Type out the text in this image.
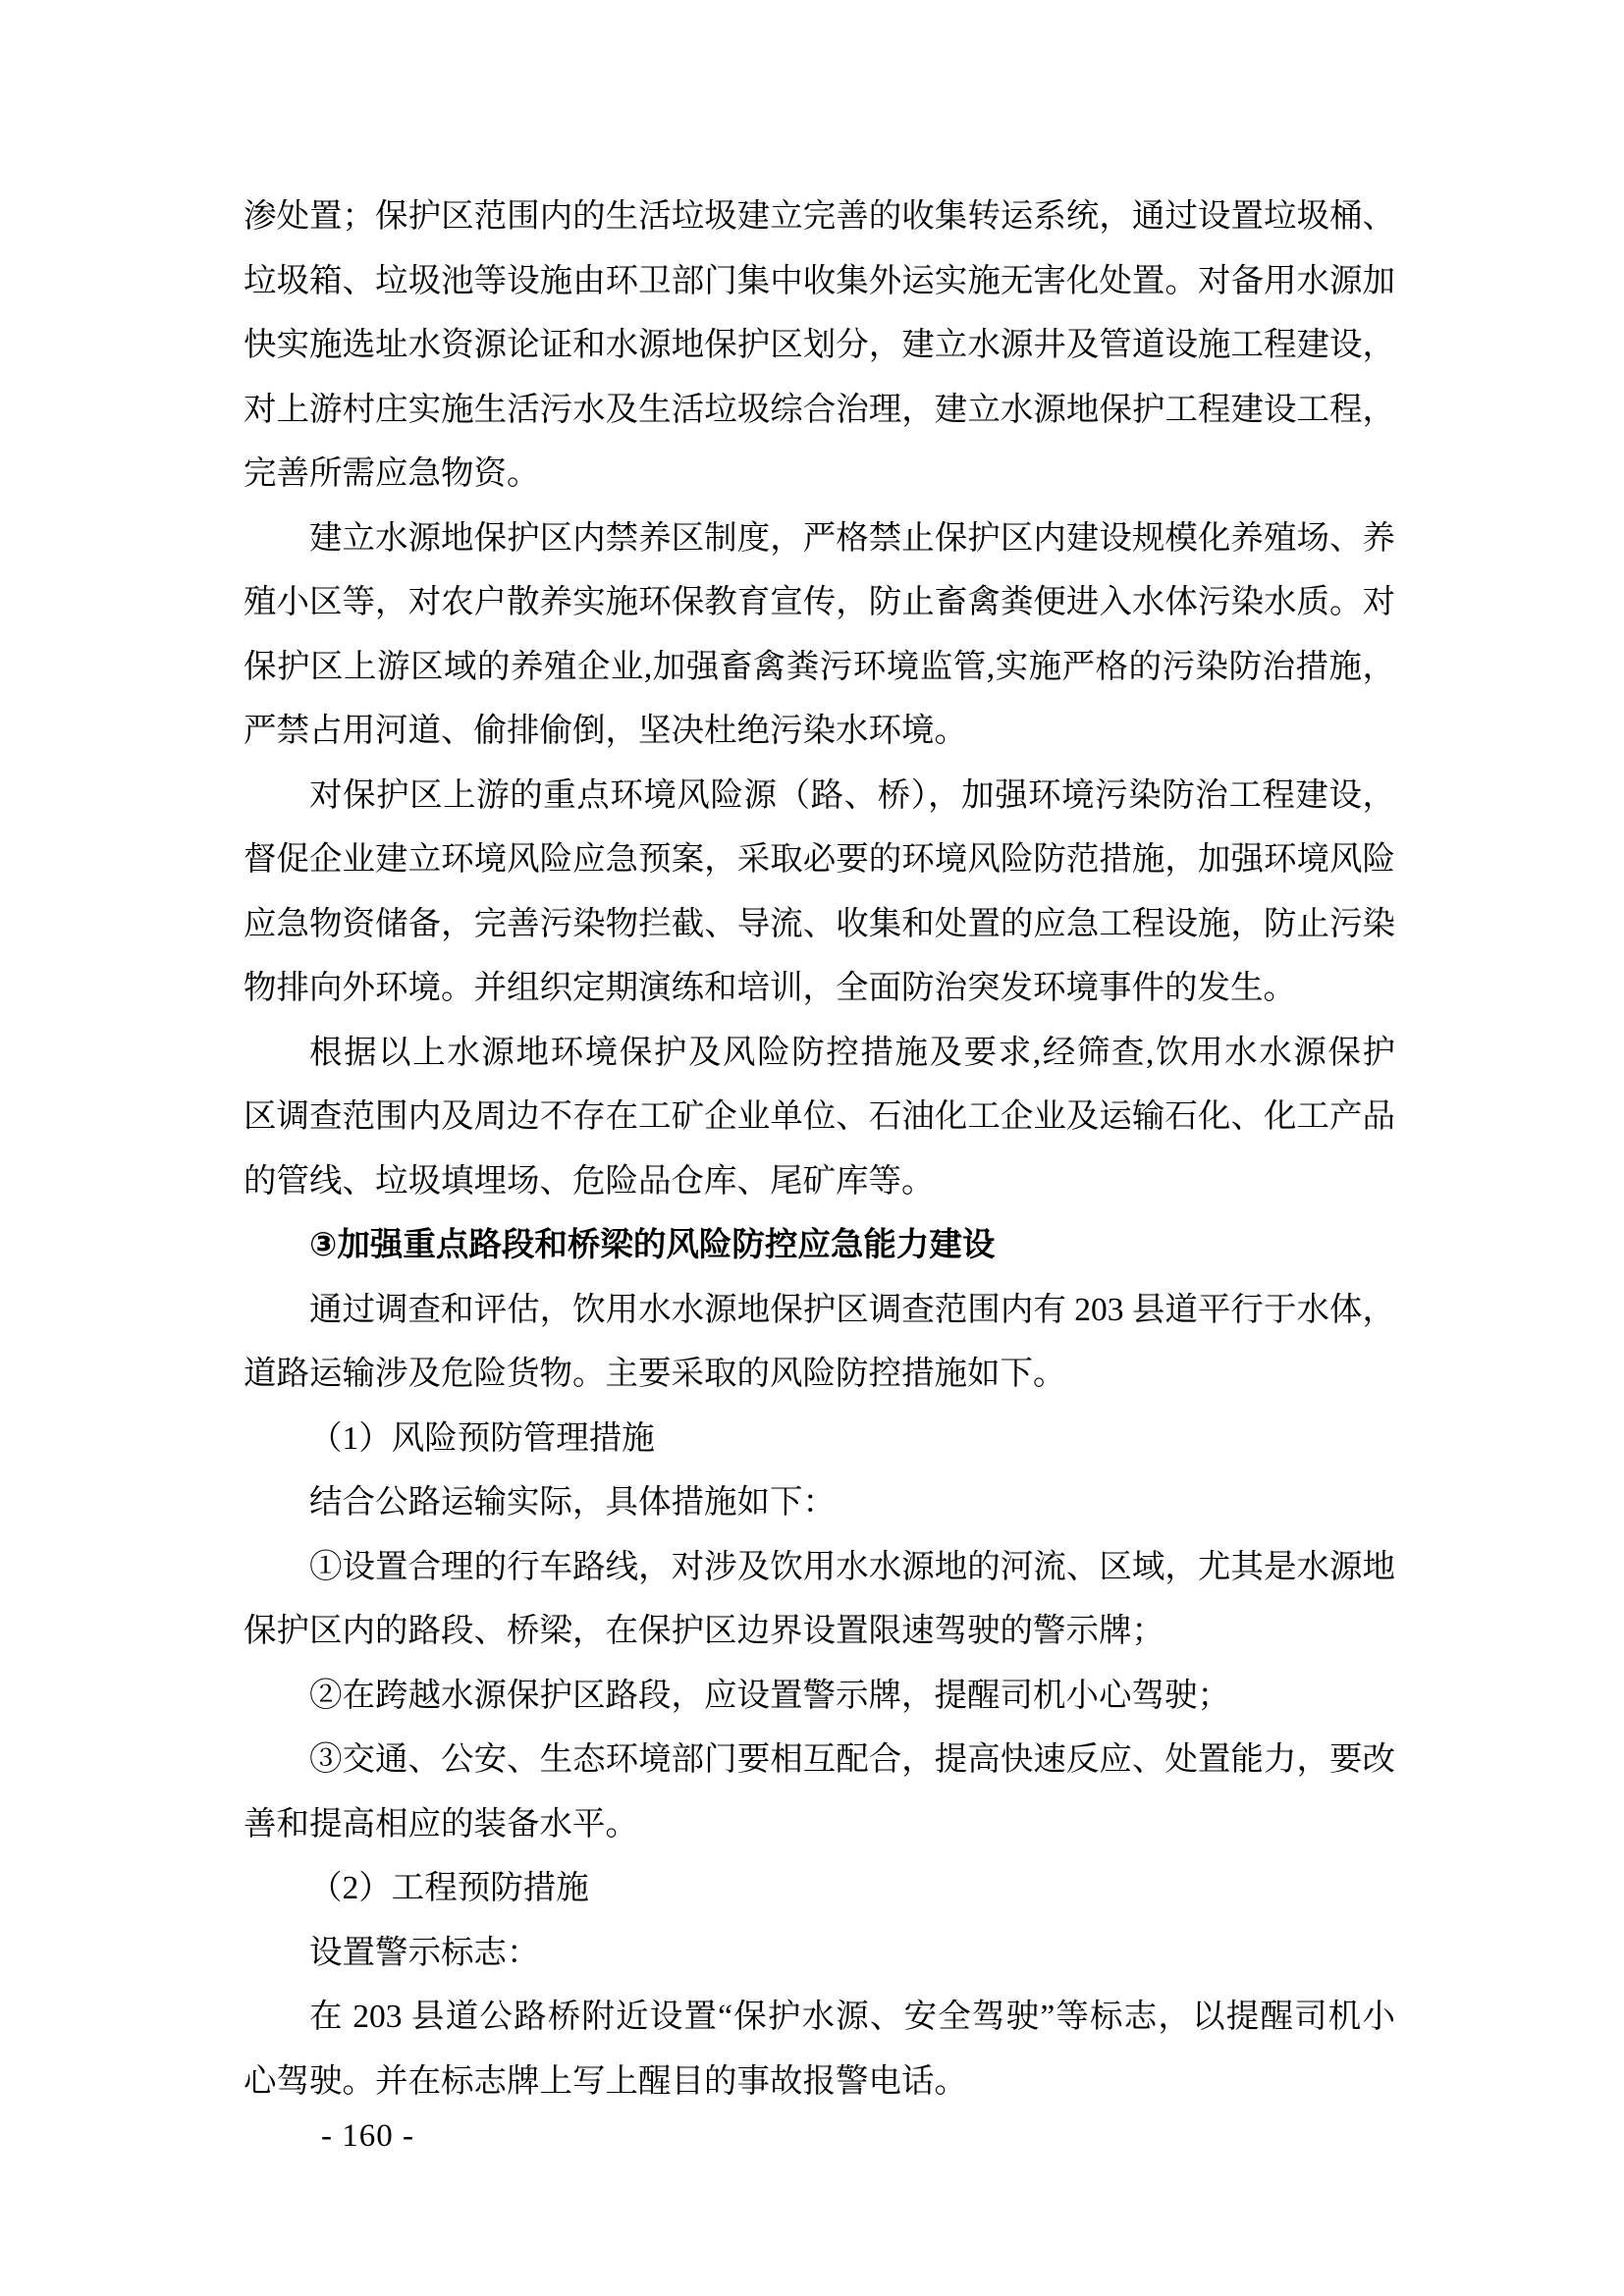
渗处置；保护区范围内的生活垃圾建立完善的收集转运系统，通过设置垃圾桶、
垃圾箱、垃圾池等设施由环卫部门集中收集外运实施无害化处置。对备用水源加
快实施选址水资源论证和水源地保护区划分，建立水源井及管道设施工程建设，
对上游村庄实施生活污水及生活垃圾综合治理，建立水源地保护工程建设工程，
完善所需应急物资。
建立水源地保护区内禁养区制度，严格禁止保护区内建设规模化养殖场、养
殖小区等，对农户散养实施环保教育宣传，防止畜禽粪便进入水体污染水质。对
保护区上游区域的养殖企业,加强畜禽粪污环境监管,实施严格的污染防治措施，
严禁占用河道、偷排偷倒，坚决杜绝污染水环境。
对保护区上游的重点环境风险源（路、桥），加强环境污染防治工程建设，
督促企业建立环境风险应急预案，采取必要的环境风险防范措施，加强环境风险
应急物资储备，完善污染物拦截、导流、收集和处置的应急工程设施，防止污染
物排向外环境。并组织定期演练和培训，全面防治突发环境事件的发生。
根据以上水源地环境保护及风险防控措施及要求,经筛查,饮用水水源保护
区调查范围内及周边不存在工矿企业单位、石油化工企业及运输石化、化工产品
的管线、垃圾填埋场、危险品仓库、尾矿库等。
③加强重点路段和桥梁的风险防控应急能力建设
通过调查和评估，饮用水水源地保护区调查范围内有 203 县道平行于水体，
道路运输涉及危险货物。主要采取的风险防控措施如下。
（1）风险预防管理措施
结合公路运输实际，具体措施如下：
①设置合理的行车路线，对涉及饮用水水源地的河流、区域，尤其是水源地
保护区内的路段、桥梁，在保护区边界设置限速驾驶的警示牌；
②在跨越水源保护区路段，应设置警示牌，提醒司机小心驾驶；
③交通、公安、生态环境部门要相互配合，提高快速反应、处置能力，要改
善和提高相应的装备水平。
（2）工程预防措施
设置警示标志：
在 203 县道公路桥附近设置“保护水源、安全驾驶”等标志，以提醒司机小
心驾驶。并在标志牌上写上醒目的事故报警电话。
- 160 -
